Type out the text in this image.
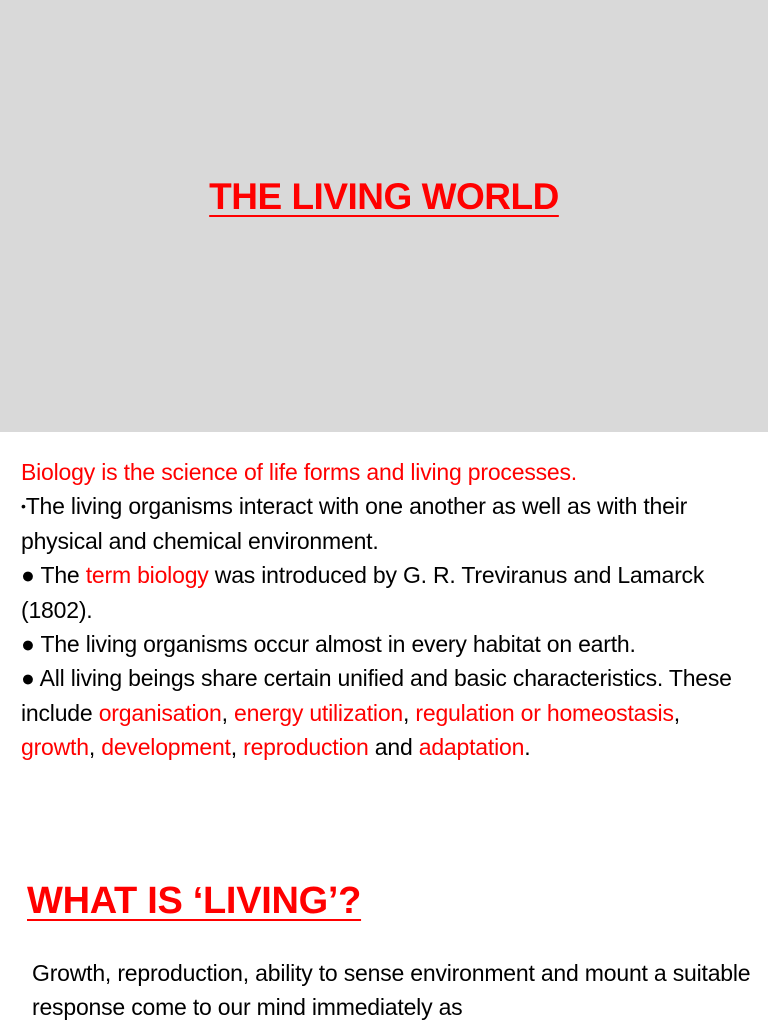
THE LIVING WORLD

Biology is the science of life forms and living processes.

•The living organisms interact with one another as well as with their physical and chemical environment.

● The term biology was introduced by G. R. Treviranus and Lamarck (1802).

● The living organisms occur almost in every habitat on earth.

● All living beings share certain unified and basic characteristics. These include organisation, energy utilization, regulation or homeostasis, growth, development, reproduction and adaptation.

WHAT IS ‘LIVING’?
Growth, reproduction, ability to sense environment and mount a suitable response come to our mind immediately as
